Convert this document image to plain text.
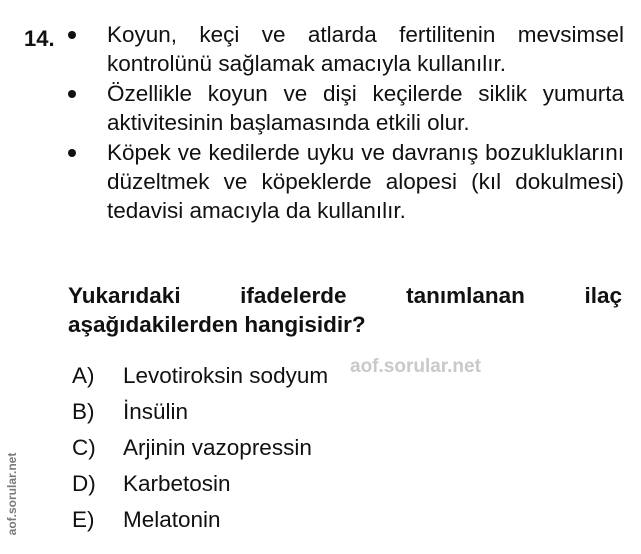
14. Koyun, keçi ve atlarda fertilitenin mevsimsel kontrolünü sağlamak amacıyla kullanılır.
Özellikle koyun ve dişi keçilerde siklik yumurta aktivitesinin başlamasında etkili olur.
Köpek ve kedilerde uyku ve davranış bozukluklarını düzeltmek ve köpeklerde alopesi (kıl dokulmesi) tedavisi amacıyla da kullanılır.
Yukarıdaki ifadelerde tanımlanan ilaç aşağıdakilerden hangisidir?
A)	Levotiroksin sodyum
B)	İnsülin
C)	Arjinin vazopressin
D)	Karbetosin
E)	Melatonin
aof.sorular.net
aof.sorular.net
